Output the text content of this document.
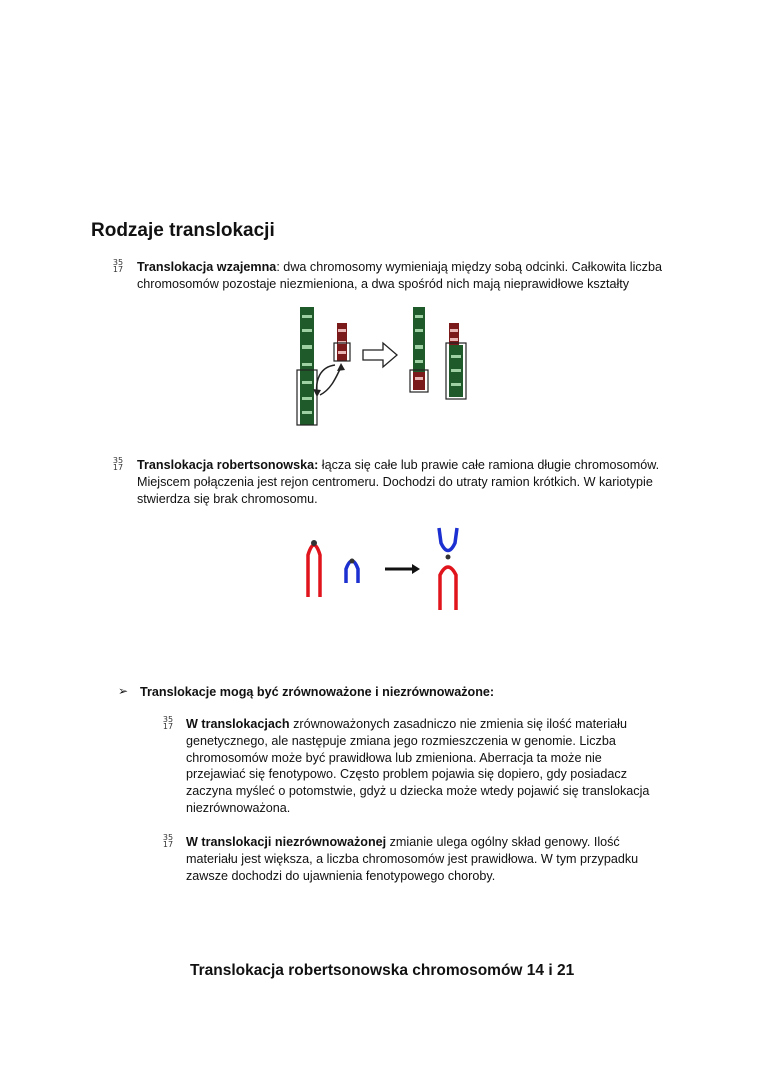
Rodzaje translokacji
35
17 Translokacja wzajemna: dwa chromosomy wymieniają między sobą odcinki. Całkowita liczba chromosomów pozostaje niezmieniona, a dwa spośród nich mają nieprawidłowe kształty
35
17 Translokacja robertsonowska: łącza się całe lub prawie całe ramiona długie chromosomów. Miejscem połączenia jest rejon centromeru. Dochodzi do utraty ramion krótkich. W kariotypie stwierdza się brak chromosomu.
➢ Translokacje mogą być zrównoważone i niezrównoważone:
35
17 W translokacjach zrównoważonych zasadniczo nie zmienia się ilość materiału genetycznego, ale następuje zmiana jego rozmieszczenia w genomie. Liczba chromosomów może być prawidłowa lub zmieniona. Aberracja ta może nie przejawiać się fenotypowo. Często problem pojawia się dopiero, gdy posiadacz zaczyna myśleć o potomstwie, gdyż u dziecka może wtedy pojawić się translokacja niezrównoważona.
35
17 W translokacji niezrównoważonej zmianie ulega ogólny skład genowy. Ilość materiału jest większa, a liczba chromosomów jest prawidłowa. W tym przypadku zawsze dochodzi do ujawnienia fenotypowego choroby.
Translokacja robertsonowska chromosomów 14 i 21
